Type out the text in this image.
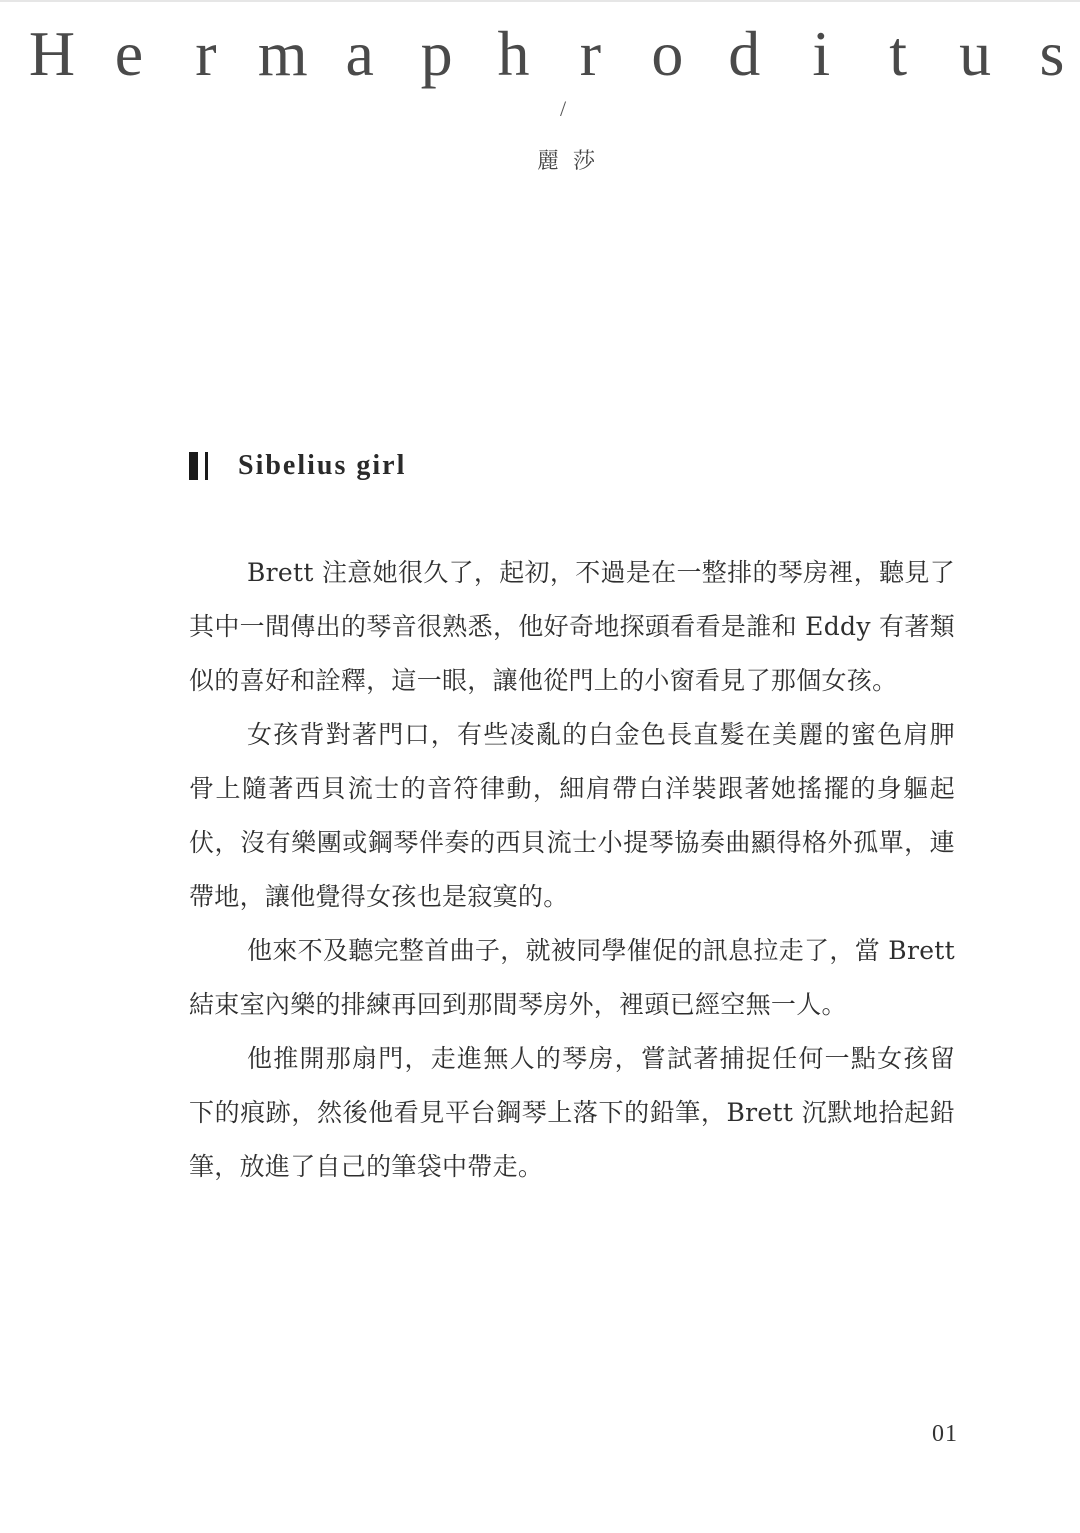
H e r m a p h r o d i t u s
/
麗莎
Sibelius girl

Brett 注意她很久了，起初，不過是在一整排的琴房裡，聽見了其中一間傳出的琴音很熟悉，他好奇地探頭看看是誰和 Eddy 有著類似的喜好和詮釋，這一眼，讓他從門上的小窗看見了那個女孩。

女孩背對著門口，有些凌亂的白金色長直髮在美麗的蜜色肩胛骨上隨著西貝流士的音符律動，細肩帶白洋裝跟著她搖擺的身軀起伏，沒有樂團或鋼琴伴奏的西貝流士小提琴協奏曲顯得格外孤單，連帶地，讓他覺得女孩也是寂寞的。

他來不及聽完整首曲子，就被同學催促的訊息拉走了，當 Brett 結束室內樂的排練再回到那間琴房外，裡頭已經空無一人。

他推開那扇門，走進無人的琴房，嘗試著捕捉任何一點女孩留下的痕跡，然後他看見平台鋼琴上落下的鉛筆，Brett 沉默地拾起鉛筆，放進了自己的筆袋中帶走。

01
